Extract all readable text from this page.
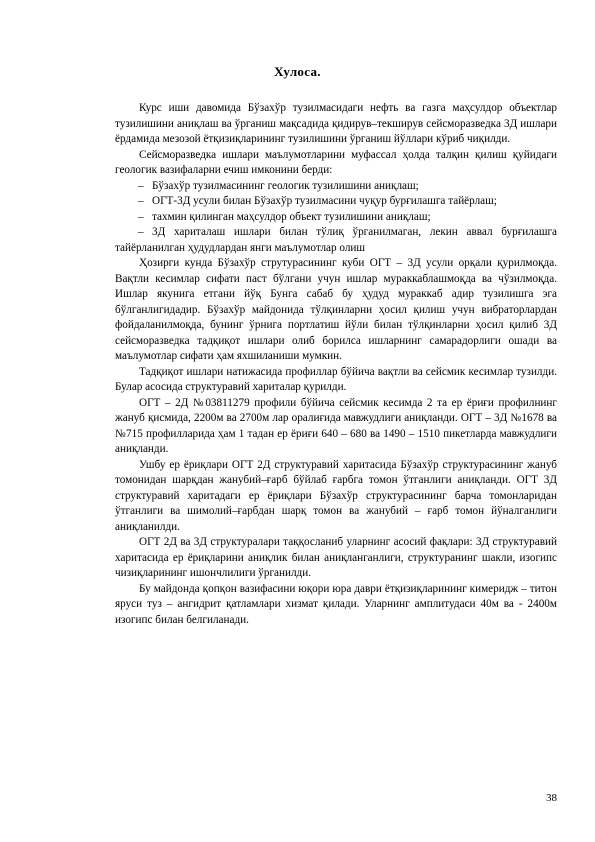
Хулоса.

Курс иши давомида Бўзахўр тузилмасидаги нефть ва газга маҳсулдор объектлар тузилишини аниқлаш ва ўрганиш мақсадида қидирув–текширув сейсморазведка 3Д ишлари ёрдамида мезозой ётқизиқларининг тузилишини ўрганиш йўллари кўриб чиқилди.

Сейсморазведка ишлари маълумотларини муфассал ҳолда талқин қилиш қуйидаги геологик вазифаларни ечиш имконини берди:

– Бўзахўр тузилмасининг геологик тузилишини аниқлаш;
– ОГТ-3Д усули билан Бўзахўр тузилмасини чуқур бурғилашга тайёрлаш;
– тахмин қилинган маҳсулдор объект тузилишини аниқлаш;
– 3Д хариталаш ишлари билан тўлиқ ўрганилмаган, лекин аввал бурғилашга тайёрланилган ҳудудлардан янги маълумотлар олиш

Ҳозирги кунда Бўзахўр струтурасининг куби ОГТ – 3Д усули орқали қурилмоқда. Вақтли кесимлар сифати паст бўлгани учун ишлар мураккаблашмоқда ва чўзилмоқда. Ишлар якунига етгани йўқ Бунга сабаб бу ҳудуд мураккаб адир тузилишга эга бўлганлигидадир. Бўзахўр майдонида тўлқинларни ҳосил қилиш учун вибраторлардан фойдаланилмоқда, бунинг ўрнига портлатиш йўли билан тўлқинларни ҳосил қилиб 3Д сейсморазведка тадқиқот ишлари олиб борилса ишларнинг самарадорлиги ошади ва маълумотлар сифати ҳам яхшиланиши мумкин.

Тадқиқот ишлари натижасида профиллар бўйича вақтли ва сейсмик кесимлар тузилди. Булар асосида структуравий хариталар қурилди.

ОГТ – 2Д №03811279 профили бўйича сейсмик кесимда 2 та ер ёриғи профилнинг жануб қисмида, 2200м ва 2700м лар оралиғида мавжудлиги аниқланди. ОГТ – 3Д №1678 ва №715 профилларида ҳам 1 тадан ер ёриғи 640 – 680 ва 1490 – 1510 пикетларда мавжудлиги аниқланди.

Ушбу ер ёриқлари ОГТ 2Д структуравий харитасида Бўзахўр структурасининг жануб томонидан шарқдан жанубий–ғарб бўйлаб ғарбга томон ўтганлиги аниқланди. ОГТ 3Д структуравий харитадаги ер ёриқлари Бўзахўр структурасининг барча томонларидан ўтганлиги ва шимолий–ғарбдан шарқ томон ва жанубий – ғарб томон йўналганлиги аниқланилди.

ОГТ 2Д ва 3Д структуралари таққосланиб уларнинг асосий фақлари: 3Д структуравий харитасида ер ёриқларини аниқлик билан аниқланганлиги, структуранинг шакли, изогипс чизиқларининг ишончлилиги ўрганилди.

Бу майдонда қопқон вазифасини юқори юра даври ётқизиқларининг кимеридж – титон яруси туз – ангидрит қатламлари хизмат қилади. Уларнинг амплитудаси 40м ва - 2400м изогипс билан белгиланади.

38
